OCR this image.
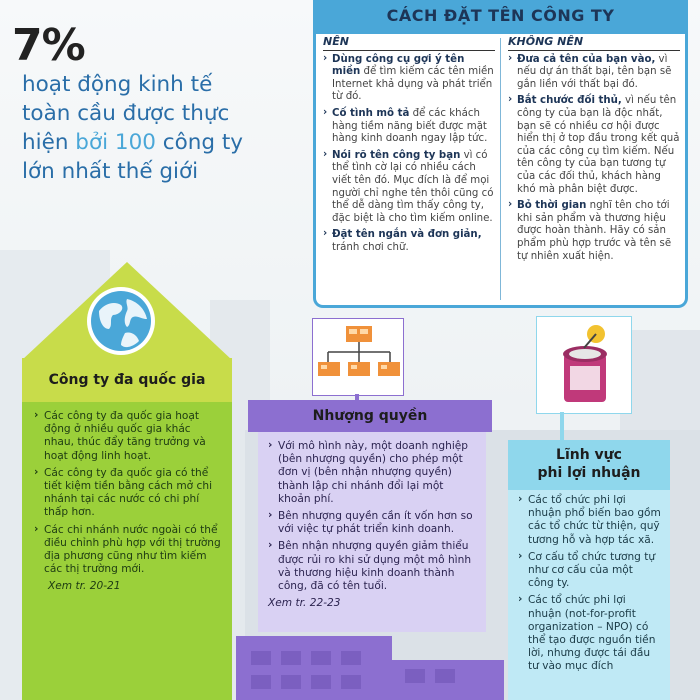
7%
hoạt động kinh tế
toàn cầu được thực
hiện bởi 100 công ty
lớn nhất thế giới
CÁCH ĐẶT TÊN CÔNG TY
NÊN
› Dùng công cụ gợi ý tên miền để tìm kiếm các tên miền Internet khả dụng và phát triển từ đó.
› Cố tình mô tả để các khách hàng tiềm năng biết được mặt hàng kinh doanh ngay lập tức.
› Nói rõ tên công ty bạn vì có thể tình cờ lại có nhiều cách viết tên đó. Mục đích là để mọi người chỉ nghe tên thôi cũng có thể dễ dàng tìm thấy công ty, đặc biệt là cho tìm kiếm online.
› Đặt tên ngắn và đơn giản, tránh chơi chữ.
KHÔNG NÊN
› Đưa cả tên của bạn vào, vì nếu dự án thất bại, tên bạn sẽ gắn liền với thất bại đó.
› Bắt chước đối thủ, vì nếu tên công ty của bạn là độc nhất, bạn sẽ có nhiều cơ hội được hiển thị ở top đầu trong kết quả của các công cụ tìm kiếm. Nếu tên công ty của bạn tương tự của các đối thủ, khách hàng khó mà phân biệt được.
› Bỏ thời gian nghĩ tên cho tới khi sản phẩm và thương hiệu được hoàn thành. Hãy có sản phẩm phù hợp trước và tên sẽ tự nhiên xuất hiện.
Công ty đa quốc gia
› Các công ty đa quốc gia hoạt động ở nhiều quốc gia khác nhau, thúc đẩy tăng trưởng và hoạt động linh hoạt.
› Các công ty đa quốc gia có thể tiết kiệm tiền bằng cách mở chi nhánh tại các nước có chi phí thấp hơn.
› Các chi nhánh nước ngoài có thể điều chỉnh phù hợp với thị trường địa phương cũng như tìm kiếm các thị trường mới.
Xem tr. 20-21
Nhượng quyền
› Với mô hình này, một doanh nghiệp (bên nhượng quyền) cho phép một đơn vị (bên nhận nhượng quyền) thành lập chi nhánh đổi lại một khoản phí.
› Bên nhượng quyền cần ít vốn hơn so với việc tự phát triển kinh doanh.
› Bên nhận nhượng quyền giảm thiểu được rủi ro khi sử dụng một mô hình và thương hiệu kinh doanh thành công, đã có tên tuổi.
Xem tr. 22-23
Lĩnh vực
phi lợi nhuận
› Các tổ chức phi lợi nhuận phổ biến bao gồm các tổ chức từ thiện, quỹ tương hỗ và hợp tác xã.
› Cơ cấu tổ chức tương tự như cơ cấu của một công ty.
› Các tổ chức phi lợi nhuận (not-for-profit organization – NPO) có thể tạo được nguồn tiền lời, nhưng được tái đầu tư vào mục đích
